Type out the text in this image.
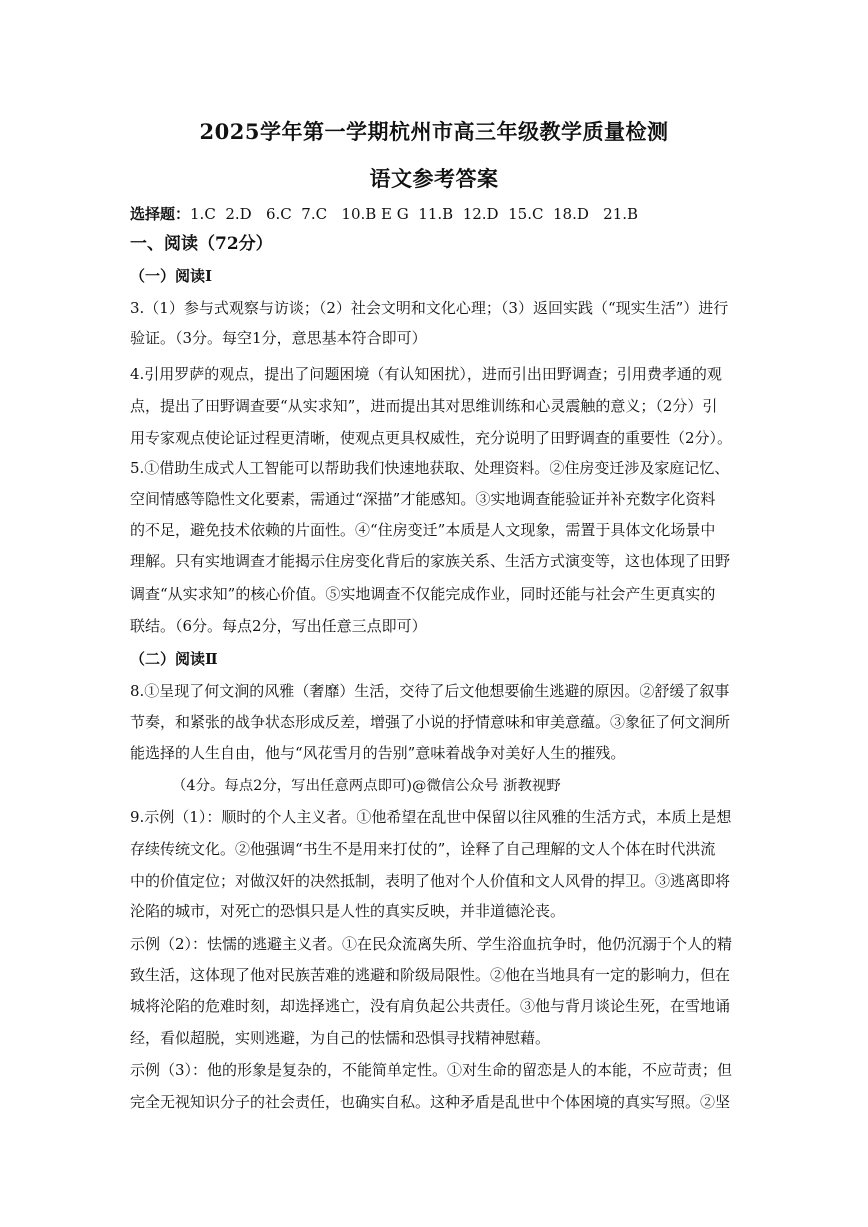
2025学年第一学期杭州市高三年级教学质量检测
语文参考答案
选择题：1.C  2.D   6.C  7.C   10.B E G  11.B  12.D  15.C  18.D   21.B
一、阅读（72分）
（一）阅读Ⅰ
3.（1）参与式观察与访谈；（2）社会文明和文化心理；（3）返回实践（“现实生活”）进行
验证。（3分。每空1分，意思基本符合即可）
4.引用罗萨的观点，提出了问题困境（有认知困扰），进而引出田野调查；引用费孝通的观
点，提出了田野调查要“从实求知”，进而提出其对思维训练和心灵震触的意义；（2分）引
用专家观点使论证过程更清晰，使观点更具权威性，充分说明了田野调查的重要性（2分）。
5.①借助生成式人工智能可以帮助我们快速地获取、处理资料。②住房变迁涉及家庭记忆、
空间情感等隐性文化要素，需通过“深描”才能感知。③实地调查能验证并补充数字化资料
的不足，避免技术依赖的片面性。④“住房变迁”本质是人文现象，需置于具体文化场景中
理解。只有实地调查才能揭示住房变化背后的家族关系、生活方式演变等，这也体现了田野
调查“从实求知”的核心价值。⑤实地调查不仅能完成作业，同时还能与社会产生更真实的
联结。（6分。每点2分，写出任意三点即可）
（二）阅读Ⅱ
8.①呈现了何文涧的风雅（奢靡）生活，交待了后文他想要偷生逃避的原因。②舒缓了叙事
节奏，和紧张的战争状态形成反差，增强了小说的抒情意味和审美意蕴。③象征了何文涧所
能选择的人生自由，他与“风花雪月的告别”意味着战争对美好人生的摧残。
（4分。每点2分，写出任意两点即可)@微信公众号 浙教视野
9.示例（1）：顺时的个人主义者。①他希望在乱世中保留以往风雅的生活方式，本质上是想
存续传统文化。②他强调“书生不是用来打仗的”，诠释了自己理解的文人个体在时代洪流
中的价值定位；对做汉奸的决然抵制，表明了他对个人价值和文人风骨的捍卫。③逃离即将
沦陷的城市，对死亡的恐惧只是人性的真实反映，并非道德沦丧。
示例（2）：怯懦的逃避主义者。①在民众流离失所、学生浴血抗争时，他仍沉溺于个人的精
致生活，这体现了他对民族苦难的逃避和阶级局限性。②他在当地具有一定的影响力，但在
城将沦陷的危难时刻，却选择逃亡，没有肩负起公共责任。③他与背月谈论生死，在雪地诵
经，看似超脱，实则逃避，为自己的怯懦和恐惧寻找精神慰藉。
示例（3）：他的形象是复杂的，不能简单定性。①对生命的留恋是人的本能，不应苛责；但
完全无视知识分子的社会责任，也确实自私。这种矛盾是乱世中个体困境的真实写照。②坚
